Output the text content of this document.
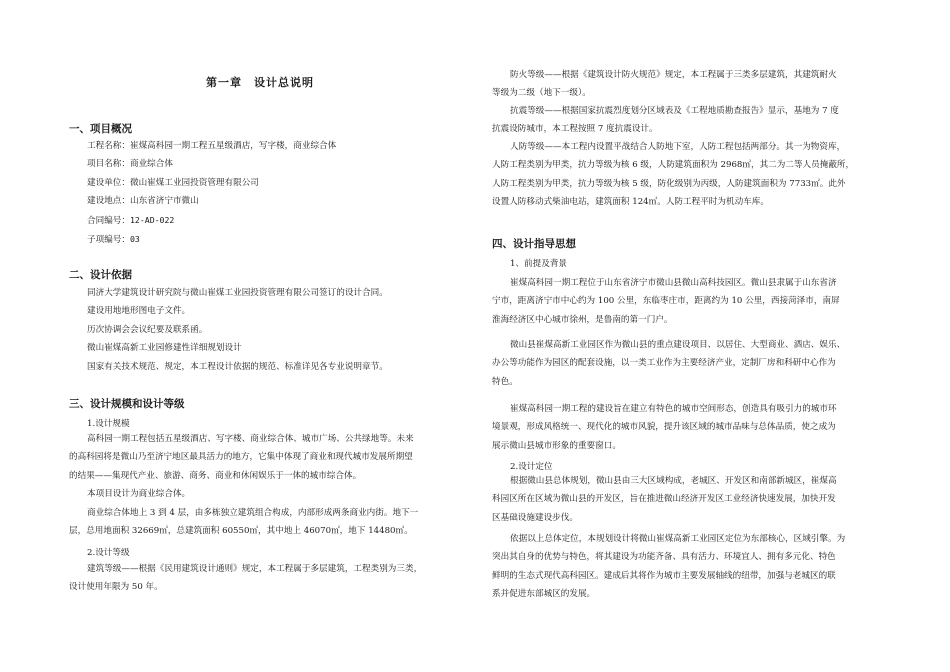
第一章　设计总说明
一、项目概况
工程名称：崔煤高科园一期工程五星级酒店，写字楼，商业综合体
项目名称：商业综合体
建设单位：微山崔煤工业园投资管理有限公司
建设地点：山东省济宁市微山
合同编号：12-AD-022
子项编号：03
二、设计依据
同济大学建筑设计研究院与微山崔煤工业园投资管理有限公司签订的设计合同。
建设用地地形图电子文件。
历次协调会会议纪要及联系函。
微山崔煤高新工业园修建性详细规划设计
国家有关技术规范、规定，本工程设计依据的规范、标准详见各专业说明章节。
三、设计规模和设计等级
1.设计规模
高科园一期工程包括五星级酒店、写字楼、商业综合体、城市广场、公共绿地等。未来
的高科园将是微山乃至济宁地区最具活力的地方，它集中体现了商业和现代城市发展所期望
的结果——集现代产业、旅游、商务、商业和休闲娱乐于一体的城市综合体。
本项目设计为商业综合体。
商业综合体地上 3 到 4 层，由多栋独立建筑组合构成，内部形成两条商业内街。地下一
层，总用地面积 32669㎡，总建筑面积 60550㎡，其中地上 46070㎡，地下 14480㎡。
2.设计等级
建筑等级——根据《民用建筑设计通则》规定，本工程属于多层建筑，工程类别为三类，
设计使用年限为 50 年。
防火等级——根据《建筑设计防火规范》规定，本工程属于三类多层建筑，其建筑耐火
等级为二级（地下一级）。
抗震等级——根据国家抗震烈度划分区域表及《工程地质勘查报告》显示，基地为 7 度
抗震设防城市，本工程按照 7 度抗震设计。
人防等级——本工程内设置平战结合人防地下室，人防工程包括两部分。其一为物资库，
人防工程类别为甲类，抗力等级为核 6 级，人防建筑面积为 2968㎡，其二为二等人员掩蔽所，
人防工程类别为甲类，抗力等级为核 5 级，防化级别为丙级，人防建筑面积为 7733㎡。此外
设置人防移动式柴油电站，建筑面积 124㎡。人防工程平时为机动车库。
四、设计指导思想
1、前提及背景
崔煤高科园一期工程位于山东省济宁市微山县微山高科技园区。微山县隶属于山东省济
宁市，距离济宁市中心约为 100 公里，东临枣庄市，距离约为 10 公里，西接菏泽市，南屏
淮海经济区中心城市徐州，是鲁南的第一门户。
微山县崔煤高新工业园区作为微山县的重点建设项目、以居住、大型商业、酒店、娱乐、
办公等功能作为园区的配套设施，以一类工业作为主要经济产业，定制厂房和科研中心作为
特色。
崔煤高科园一期工程的建设旨在建立有特色的城市空间形态，创造具有吸引力的城市环
境景观，形成风格统一、现代化的城市风貌，提升该区域的城市品味与总体品质，使之成为
展示微山县城市形象的重要窗口。
2.设计定位
根据微山县总体规划，微山县由三大区域构成，老城区、开发区和南部新城区，崔煤高
科园区所在区域为微山县的开发区，旨在推进微山经济开发区工业经济快速发展，加快开发
区基础设施建设步伐。
依据以上总体定位，本规划设计将微山崔煤高新工业园区定位为东部核心，区域引擎。为
突出其自身的优势与特色，将其建设为功能齐备、具有活力、环境宜人、拥有多元化、特色
鲜明的生态式现代高科园区。建成后其将作为城市主要发展轴线的纽带，加强与老城区的联
系并促进东部城区的发展。
